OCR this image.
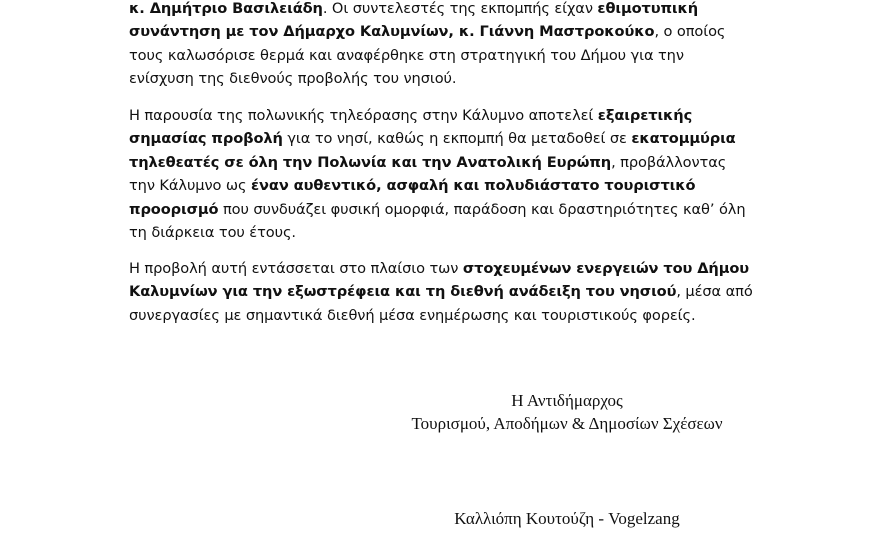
κ. Δημήτριο Βασιλειάδη. Οι συντελεστές της εκπομπής είχαν εθιμοτυπική συνάντηση με τον Δήμαρχο Καλυμνίων, κ. Γιάννη Μαστροκούκο, ο οποίος τους καλωσόρισε θερμά και αναφέρθηκε στη στρατηγική του Δήμου για την ενίσχυση της διεθνούς προβολής του νησιού.

Η παρουσία της πολωνικής τηλεόρασης στην Κάλυμνο αποτελεί εξαιρετικής σημασίας προβολή για το νησί, καθώς η εκπομπή θα μεταδοθεί σε εκατομμύρια τηλεθεατές σε όλη την Πολωνία και την Ανατολική Ευρώπη, προβάλλοντας την Κάλυμνο ως έναν αυθεντικό, ασφαλή και πολυδιάστατο τουριστικό προορισμό που συνδυάζει φυσική ομορφιά, παράδοση και δραστηριότητες καθ’ όλη τη διάρκεια του έτους.

Η προβολή αυτή εντάσσεται στο πλαίσιο των στοχευμένων ενεργειών του Δήμου Καλυμνίων για την εξωστρέφεια και τη διεθνή ανάδειξη του νησιού, μέσα από συνεργασίες με σημαντικά διεθνή μέσα ενημέρωσης και τουριστικούς φορείς.

Η Αντιδήμαρχος
Τουρισμού, Αποδήμων & Δημοσίων Σχέσεων
Καλλιόπη Κουτούζη - Vogelzang
